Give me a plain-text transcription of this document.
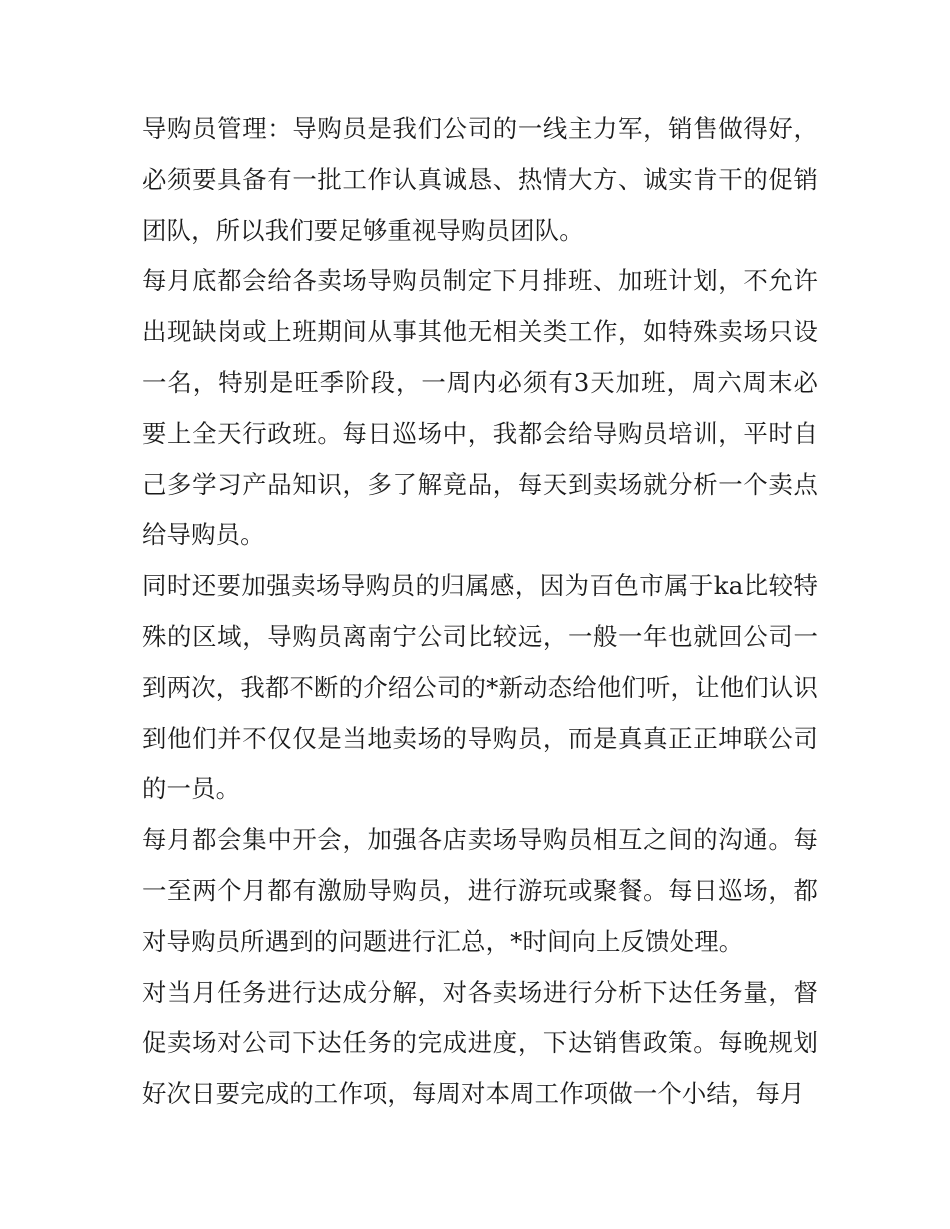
导购员管理：导购员是我们公司的一线主力军，销售做得好，必须要具备有一批工作认真诚恳、热情大方、诚实肯干的促销团队，所以我们要足够重视导购员团队。

每月底都会给各卖场导购员制定下月排班、加班计划，不允许出现缺岗或上班期间从事其他无相关类工作，如特殊卖场只设一名，特别是旺季阶段，一周内必须有3天加班，周六周末必要上全天行政班。每日巡场中，我都会给导购员培训，平时自己多学习产品知识，多了解竟品，每天到卖场就分析一个卖点给导购员。

同时还要加强卖场导购员的归属感，因为百色市属于ka比较特殊的区域，导购员离南宁公司比较远，一般一年也就回公司一到两次，我都不断的介绍公司的*新动态给他们听，让他们认识到他们并不仅仅是当地卖场的导购员，而是真真正正坤联公司的一员。

每月都会集中开会，加强各店卖场导购员相互之间的沟通。每一至两个月都有激励导购员，进行游玩或聚餐。每日巡场，都对导购员所遇到的问题进行汇总，*时间向上反馈处理。

对当月任务进行达成分解，对各卖场进行分析下达任务量，督促卖场对公司下达任务的完成进度，下达销售政策。每晚规划好次日要完成的工作项，每周对本周工作项做一个小结，每月
